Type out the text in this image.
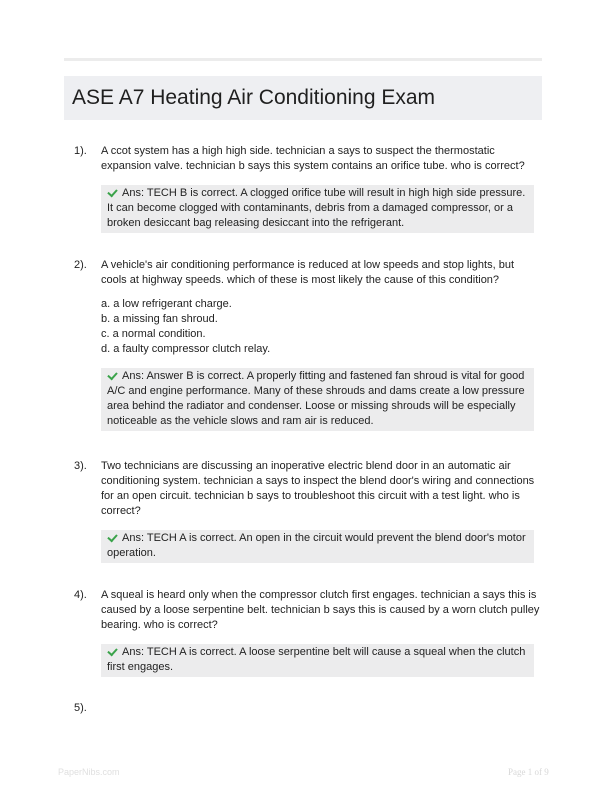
ASE A7 Heating Air Conditioning Exam
1). A ccot system has a high high side. technician a says to suspect the thermostatic expansion valve. technician b says this system contains an orifice tube. who is correct?

Ans: TECH B is correct. A clogged orifice tube will result in high high side pressure. It can become clogged with contaminants, debris from a damaged compressor, or a broken desiccant bag releasing desiccant into the refrigerant.
2). A vehicle's air conditioning performance is reduced at low speeds and stop lights, but cools at highway speeds. which of these is most likely the cause of this condition?

a. a low refrigerant charge.
b. a missing fan shroud.
c. a normal condition.
d. a faulty compressor clutch relay.
Ans: Answer B is correct. A properly fitting and fastened fan shroud is vital for good A/C and engine performance. Many of these shrouds and dams create a low pressure area behind the radiator and condenser. Loose or missing shrouds will be especially noticeable as the vehicle slows and ram air is reduced.
3). Two technicians are discussing an inoperative electric blend door in an automatic air conditioning system. technician a says to inspect the blend door's wiring and connections for an open circuit. technician b says to troubleshoot this circuit with a test light. who is correct?

Ans: TECH A is correct. An open in the circuit would prevent the blend door's motor operation.
4). A squeal is heard only when the compressor clutch first engages. technician a says this is caused by a loose serpentine belt. technician b says this is caused by a worn clutch pulley bearing. who is correct?

Ans: TECH A is correct. A loose serpentine belt will cause a squeal when the clutch first engages.
5).
PaperNibs.com	Page 1 of 9
